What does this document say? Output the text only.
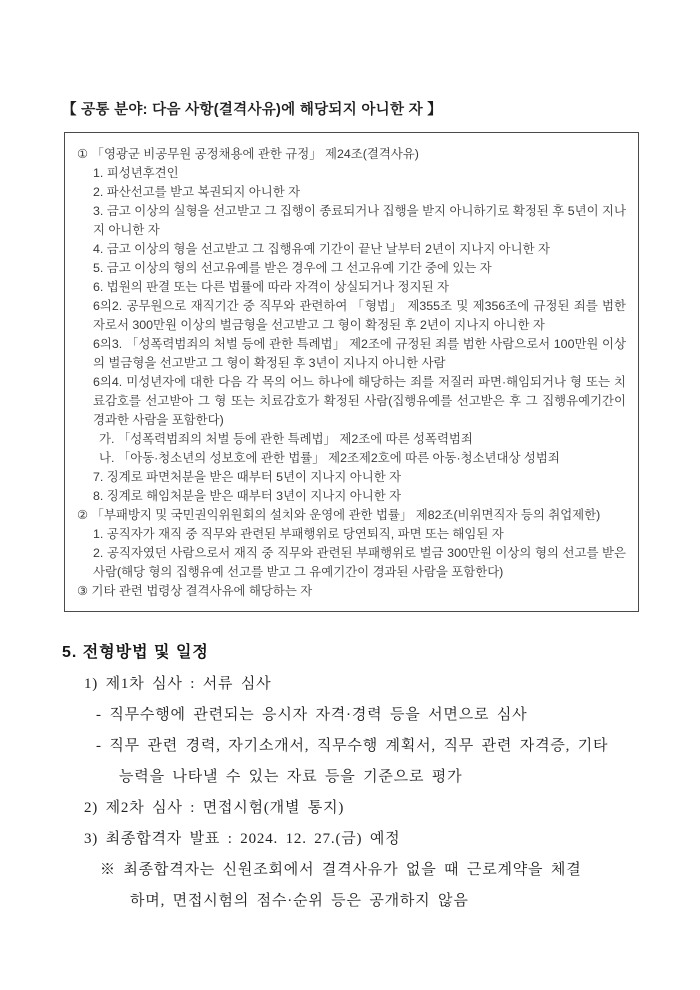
【 공통 분야: 다음 사항(결격사유)에 해당되지 아니한 자 】
① 「영광군 비공무원 공정채용에 관한 규정」 제24조(결격사유)
1. 피성년후견인
2. 파산선고를 받고 복권되지 아니한 자
3. 금고 이상의 실형을 선고받고 그 집행이 종료되거나 집행을 받지 아니하기로 확정된 후 5년이 지나지 아니한 자
4. 금고 이상의 형을 선고받고 그 집행유예 기간이 끝난 날부터 2년이 지나지 아니한 자
5. 금고 이상의 형의 선고유예를 받은 경우에 그 선고유예 기간 중에 있는 자
6. 법원의 판결 또는 다른 법률에 따라 자격이 상실되거나 정지된 자
6의2. 공무원으로 재직기간 중 직무와 관련하여 「형법」 제355조 및 제356조에 규정된 죄를 범한 자로서 300만원 이상의 벌금형을 선고받고 그 형이 확정된 후 2년이 지나지 아니한 자
6의3. 「성폭력범죄의 처벌 등에 관한 특례법」 제2조에 규정된 죄를 범한 사람으로서 100만원 이상의 벌금형을 선고받고 그 형이 확정된 후 3년이 지나지 아니한 사람
6의4. 미성년자에 대한 다음 각 목의 어느 하나에 해당하는 죄를 저질러 파면·해임되거나 형 또는 치료감호를 선고받아 그 형 또는 치료감호가 확정된 사람(집행유예를 선고받은 후 그 집행유예기간이 경과한 사람을 포함한다)
가. 「성폭력범죄의 처벌 등에 관한 특례법」 제2조에 따른 성폭력범죄
나. 「아동·청소년의 성보호에 관한 법률」 제2조제2호에 따른 아동·청소년대상 성범죄
7. 징계로 파면처분을 받은 때부터 5년이 지나지 아니한 자
8. 징계로 해임처분을 받은 때부터 3년이 지나지 아니한 자
② 「부패방지 및 국민권익위원회의 설치와 운영에 관한 법률」 제82조(비위면직자 등의 취업제한)
1. 공직자가 재직 중 직무와 관련된 부패행위로 당연퇴직, 파면 또는 해임된 자
2. 공직자였던 사람으로서 재직 중 직무와 관련된 부패행위로 벌금 300만원 이상의 형의 선고를 받은 사람(해당 형의 집행유예 선고를 받고 그 유예기간이 경과된 사람을 포함한다)
③ 기타 관련 법령상 결격사유에 해당하는 자
5. 전형방법 및 일정
1) 제1차 심사 : 서류 심사
- 직무수행에 관련되는 응시자 자격·경력 등을 서면으로 심사
- 직무 관련 경력, 자기소개서, 직무수행 계획서, 직무 관련 자격증, 기타
능력을 나타낼 수 있는 자료 등을 기준으로 평가
2) 제2차 심사 : 면접시험(개별 통지)
3) 최종합격자 발표 : 2024. 12. 27.(금) 예정
※ 최종합격자는 신원조회에서 결격사유가 없을 때 근로계약을 체결
하며, 면접시험의 점수·순위 등은 공개하지 않음
